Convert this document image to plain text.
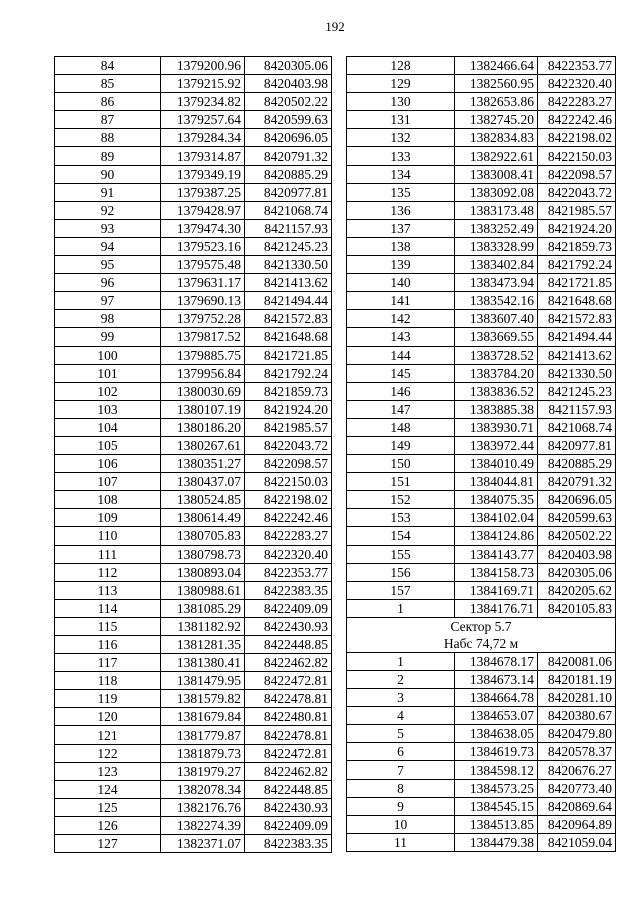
192
84	1379200.96	8420305.06
85	1379215.92	8420403.98
86	1379234.82	8420502.22
87	1379257.64	8420599.63
88	1379284.34	8420696.05
89	1379314.87	8420791.32
90	1379349.19	8420885.29
91	1379387.25	8420977.81
92	1379428.97	8421068.74
93	1379474.30	8421157.93
94	1379523.16	8421245.23
95	1379575.48	8421330.50
96	1379631.17	8421413.62
97	1379690.13	8421494.44
98	1379752.28	8421572.83
99	1379817.52	8421648.68
100	1379885.75	8421721.85
101	1379956.84	8421792.24
102	1380030.69	8421859.73
103	1380107.19	8421924.20
104	1380186.20	8421985.57
105	1380267.61	8422043.72
106	1380351.27	8422098.57
107	1380437.07	8422150.03
108	1380524.85	8422198.02
109	1380614.49	8422242.46
110	1380705.83	8422283.27
111	1380798.73	8422320.40
112	1380893.04	8422353.77
113	1380988.61	8422383.35
114	1381085.29	8422409.09
115	1381182.92	8422430.93
116	1381281.35	8422448.85
117	1381380.41	8422462.82
118	1381479.95	8422472.81
119	1381579.82	8422478.81
120	1381679.84	8422480.81
121	1381779.87	8422478.81
122	1381879.73	8422472.81
123	1381979.27	8422462.82
124	1382078.34	8422448.85
125	1382176.76	8422430.93
126	1382274.39	8422409.09
127	1382371.07	8422383.35
128	1382466.64	8422353.77
129	1382560.95	8422320.40
130	1382653.86	8422283.27
131	1382745.20	8422242.46
132	1382834.83	8422198.02
133	1382922.61	8422150.03
134	1383008.41	8422098.57
135	1383092.08	8422043.72
136	1383173.48	8421985.57
137	1383252.49	8421924.20
138	1383328.99	8421859.73
139	1383402.84	8421792.24
140	1383473.94	8421721.85
141	1383542.16	8421648.68
142	1383607.40	8421572.83
143	1383669.55	8421494.44
144	1383728.52	8421413.62
145	1383784.20	8421330.50
146	1383836.52	8421245.23
147	1383885.38	8421157.93
148	1383930.71	8421068.74
149	1383972.44	8420977.81
150	1384010.49	8420885.29
151	1384044.81	8420791.32
152	1384075.35	8420696.05
153	1384102.04	8420599.63
154	1384124.86	8420502.22
155	1384143.77	8420403.98
156	1384158.73	8420305.06
157	1384169.71	8420205.62
1	1384176.71	8420105.83

Сектор 5.7
Набс 74,72 м		

1	1384678.17	8420081.06
2	1384673.14	8420181.19
3	1384664.78	8420281.10
4	1384653.07	8420380.67
5	1384638.05	8420479.80
6	1384619.73	8420578.37
7	1384598.12	8420676.27
8	1384573.25	8420773.40
9	1384545.15	8420869.64
10	1384513.85	8420964.89
11	1384479.38	8421059.04
